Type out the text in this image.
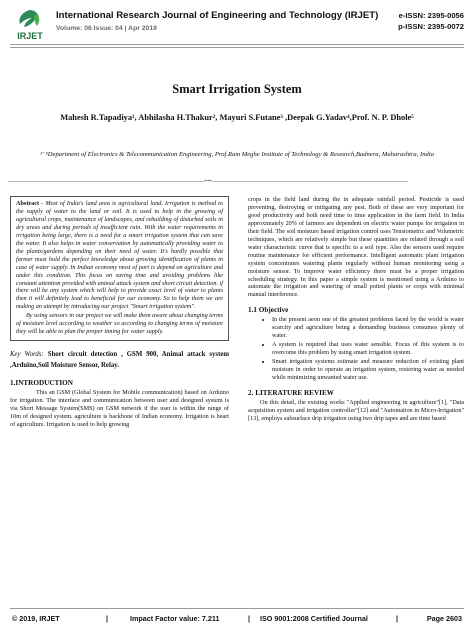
IRJET
International Research Journal of Engineering and Technology (IRJET)
Volume: 06 Issue: 04 | Apr 2019
e-ISSN: 2395-0056
p-ISSN: 2395-0072
Smart Irrigation System
Mahesh R.Tapadiya¹, Abhilasha H.Thakur², Mayuri S.Futane³ ,Deepak G.Yadav⁴,Prof. N. P. Dhole⁵
¹⁻⁵Department of Electronics & Telecommunication Engineering, Prof.Ram Meghe Institute of Technology & Research,Badnera, Maharashtra, India
---------------------------------------------------------------------------------------------------------------------------***---------------------------------------------------------------------------------------------------------------------------

Abstract - Most of India's land area is agricultural land. Irrigation is method to the supply of water to the land or soil. It is used to help in the growing of agricultural crops, maintenance of landscapes, and rebuilding of disturbed soils in dry areas and during periods of insufficient rain. With the water requirements in irrigation being large, there is a need for a smart irrigation system that can save the water. It also helps in water conservation by automatically providing water to the plants/gardens depending on their need of water. It's hardly possible that farmer must hold the perfect knowledge about growing identification of plants in case of water supply. In Indian economy most of part is depend on agriculture and under this condition. This focus on saving time and avoiding problems like constant attention provided with animal attack system and short circuit detection. if there will be any system which will help to provide exact level of water to plants then it will definitely lead to beneficial for our economy. So to help them we are making an attempt by introducing our project "Smart irrigation system".

By using sensors in our project we will make them aware about changing terms of moisture level according to weather so according to changing terms of moisture they will be able to plan the proper timing for water supply.

Key Words: Short circuit detection , GSM 900, Animal attack system ,Arduino,Soil Moisture Sensor, Relay.
1.INTRODUCTION

This an GSM (Global System for Mobile communication) based on Arduino for irrigation. The interface and communication between user and designed system is via Short Message System(SMS) on GSM network if the user is within the range of 10m of designed system. agriculture is backbone of Indian economy. Irrigation is heart of agriculture. Irrigation is used to help growing

crops in the field land during the in adequate rainfall period. Pesticide is used preventing, destroying or mitigating any pest. Both of these are very important for good productivity and both need time to time application in the farm field. In India approximately 20% of farmers are dependent on electric water pumps for irrigation in their field. The soil moisture based irrigation control uses Tensiometric and Volumetric techniques, which are relatively simple but these quantities are related through a soil water characteristic curve that is specific to a soil type. Also the sensors used require routine maintenance for efficient performance. Intelligent automatic plant irrigation system concentrates watering plants regularly without human monitoring using a moisture sensor. To improve water efficiency there must be a proper irrigation scheduling strategy. In this paper a simple system is mentioned using a Arduino to automate the irrigation and watering of small potted plants or crops with minimal manual interference.

1.1 Objective
• In the present aeon one of the greatest problems faced by the world is water scarcity and agriculture being a demanding business consumes plenty of water.
• A system is required that uses water sensible. Focus of this system is to overcome this problem by using smart irrigation system.
• Smart irrigation systems estimate and measure reduction of existing plant moisture in order to operate an irrigation system, restoring water as needed while minimizing unwanted water use.
2. LITERATURE REVIEW

On this detail, the existing works "Applied engineering in agriculture"[1], "Data acquisition system and irrigation controller"[12] and "Automation in Micro-Irrigation" [13], employs subsurface drip irrigation using two drip tapes and are time based

© 2019, IRJET	|	Impact Factor value: 7.211	| ISO 9001:2008 Certified Journal	|	Page 2603
